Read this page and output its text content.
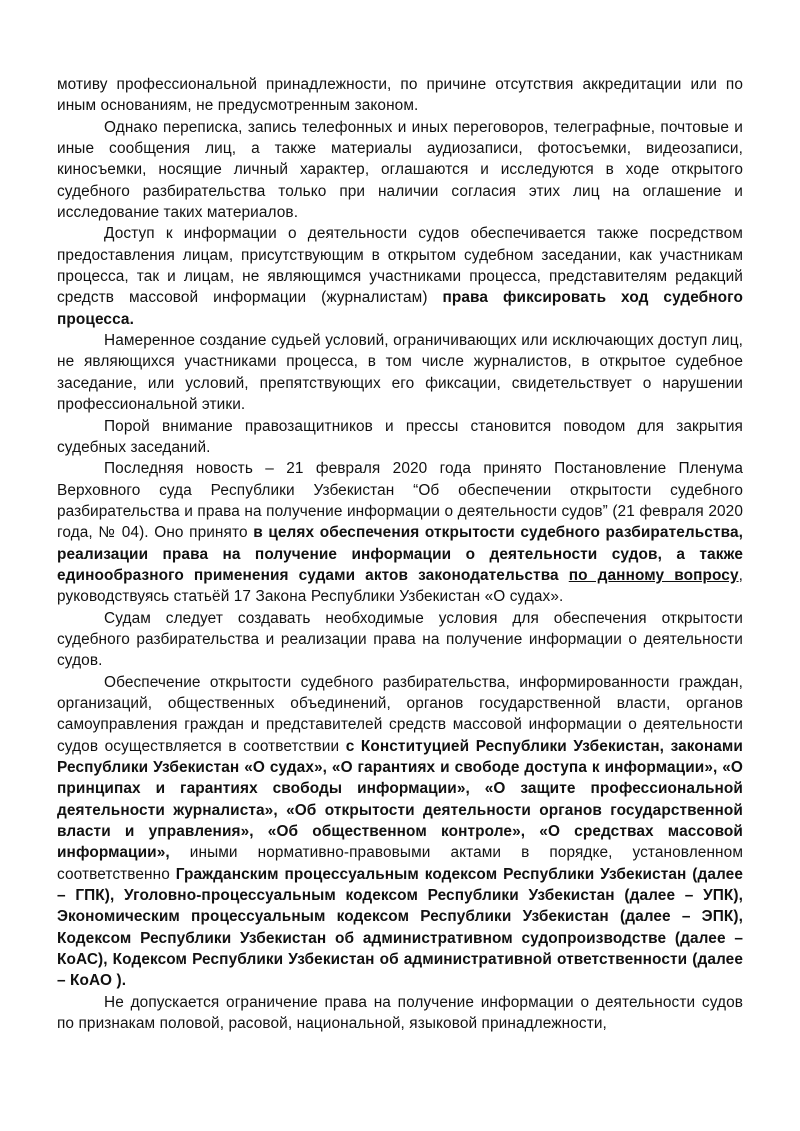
мотиву профессиональной принадлежности, по причине отсутствия аккредитации или по иным основаниям, не предусмотренным законом.

Однако переписка, запись телефонных и иных переговоров, телеграфные, почтовые и иные сообщения лиц, а также материалы аудиозаписи, фотосъемки, видеозаписи, киносъемки, носящие личный характер, оглашаются и исследуются в ходе открытого судебного разбирательства только при наличии согласия этих лиц на оглашение и исследование таких материалов.

Доступ к информации о деятельности судов обеспечивается также посредством предоставления лицам, присутствующим в открытом судебном заседании, как участникам процесса, так и лицам, не являющимся участниками процесса, представителям редакций средств массовой информации (журналистам) права фиксировать ход судебного процесса.

Намеренное создание судьей условий, ограничивающих или исключающих доступ лиц, не являющихся участниками процесса, в том числе журналистов, в открытое судебное заседание, или условий, препятствующих его фиксации, свидетельствует о нарушении профессиональной этики.

Порой внимание правозащитников и прессы становится поводом для закрытия судебных заседаний.

Последняя новость – 21 февраля 2020 года принято Постановление Пленума Верховного суда Республики Узбекистан “Об обеспечении открытости судебного разбирательства и права на получение информации о деятельности судов” (21 февраля 2020 года, № 04). Оно принято в целях обеспечения открытости судебного разбирательства, реализации права на получение информации о деятельности судов, а также единообразного применения судами актов законодательства по данному вопросу, руководствуясь статьёй 17 Закона Республики Узбекистан «О судах».

Судам следует создавать необходимые условия для обеспечения открытости судебного разбирательства и реализации права на получение информации о деятельности судов.

Обеспечение открытости судебного разбирательства, информированности граждан, организаций, общественных объединений, органов государственной власти, органов самоуправления граждан и представителей средств массовой информации о деятельности судов осуществляется в соответствии с Конституцией Республики Узбекистан, законами Республики Узбекистан «О судах», «О гарантиях и свободе доступа к информации», «О принципах и гарантиях свободы информации», «О защите профессиональной деятельности журналиста», «Об открытости деятельности органов государственной власти и управления», «Об общественном контроле», «О средствах массовой информации», иными нормативно-правовыми актами в порядке, установленном соответственно Гражданским процессуальным кодексом Республики Узбекистан (далее – ГПК), Уголовно-процессуальным кодексом Республики Узбекистан (далее – УПК), Экономическим процессуальным кодексом Республики Узбекистан (далее – ЭПК), Кодексом Республики Узбекистан об административном судопроизводстве (далее – КоАС), Кодексом Республики Узбекистан об административной ответственности (далее – КоАО ).

Не допускается ограничение права на получение информации о деятельности судов по признакам половой, расовой, национальной, языковой принадлежности,
